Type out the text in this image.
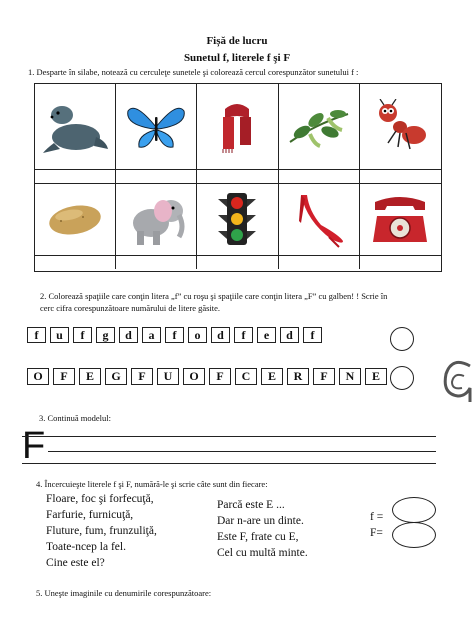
Fișă de lucru
Sunetul f, literele f şi F
1. Desparte în silabe, notează cu cerculeţe sunetele şi colorează cercul corespunzător sunetului f :
2. Colorează spaţiile care conţin litera „f” cu roşu şi spaţiile care conţin litera „F” cu galben! ! Scrie în
cerc cifra corespunzătoare numărului de litere găsite.
f	u	f	g	d	a	f	o	d	f	e	d	f
O	F	E	G	F	U	O	F	C	E	R	F	N	E
3. Continuă modelul:
F
4. Încercuieşte literele f şi F, numără-le şi scrie câte sunt din fiecare:
Floare, foc şi forfecuţă,
Farfurie, furnicuţă,
Fluture, fum, frunzuliţă,
Toate-ncep la fel.
Cine este el?
Parcă este E ...
Dar n-are un dinte.
Este F, frate cu E,
Cel cu multă minte.
f =
F=
5. Uneşte imaginile cu denumirile corespunzătoare:
